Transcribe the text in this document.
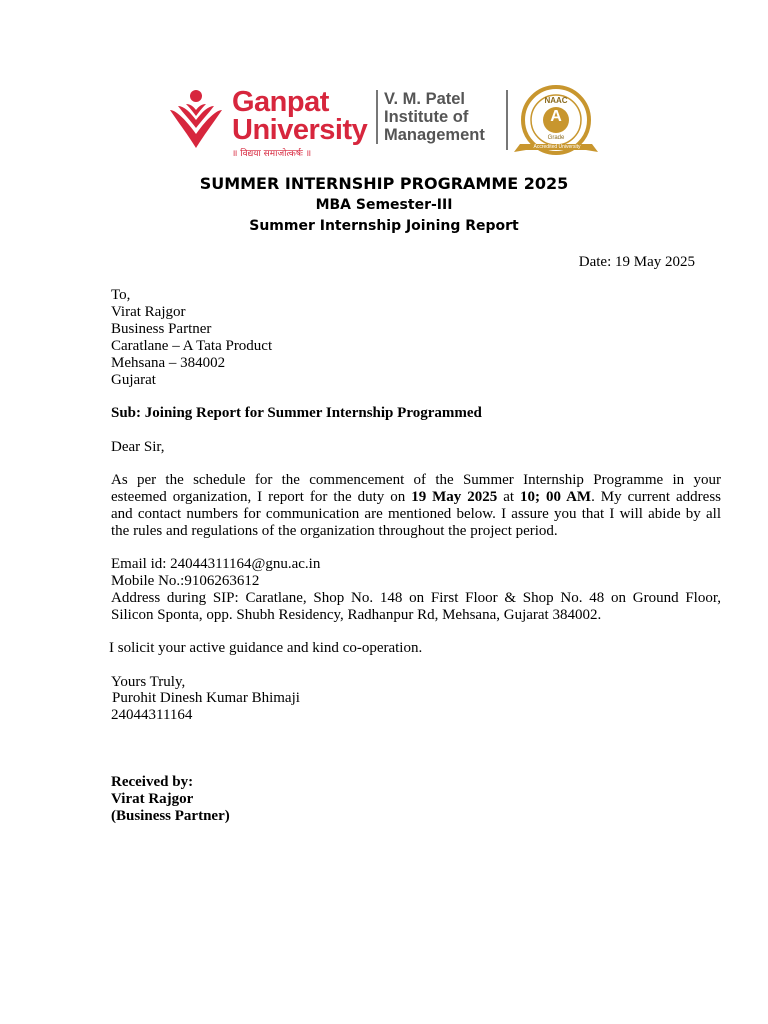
Ganpat
University
॥ विद्यया समाजोत्कर्षः ॥
V. M. Patel
Institute of
Management
NAAC
A
Grade
Accredited University
SUMMER INTERNSHIP PROGRAMME 2025
MBA Semester-III
Summer Internship Joining Report
Date: 19 May 2025
To,
Virat Rajgor
Business Partner
Caratlane – A Tata Product
Mehsana – 384002
Gujarat
Sub: Joining Report for Summer Internship Programmed
Dear Sir,
As per the schedule for the commencement of the Summer Internship Programme in your
esteemed organization, I report for the duty on 19 May 2025 at 10; 00 AM. My current address
and contact numbers for communication are mentioned below. I assure you that I will abide by all
the rules and regulations of the organization throughout the project period.
Email id: 24044311164@gnu.ac.in
Mobile No.:9106263612
Address during SIP: Caratlane, Shop No. 148 on First Floor & Shop No. 48 on Ground Floor,
Silicon Sponta, opp. Shubh Residency, Radhanpur Rd, Mehsana, Gujarat 384002.
I solicit your active guidance and kind co-operation.
Yours Truly,
Purohit Dinesh Kumar Bhimaji
24044311164
Received by:
Virat Rajgor
(Business Partner)
